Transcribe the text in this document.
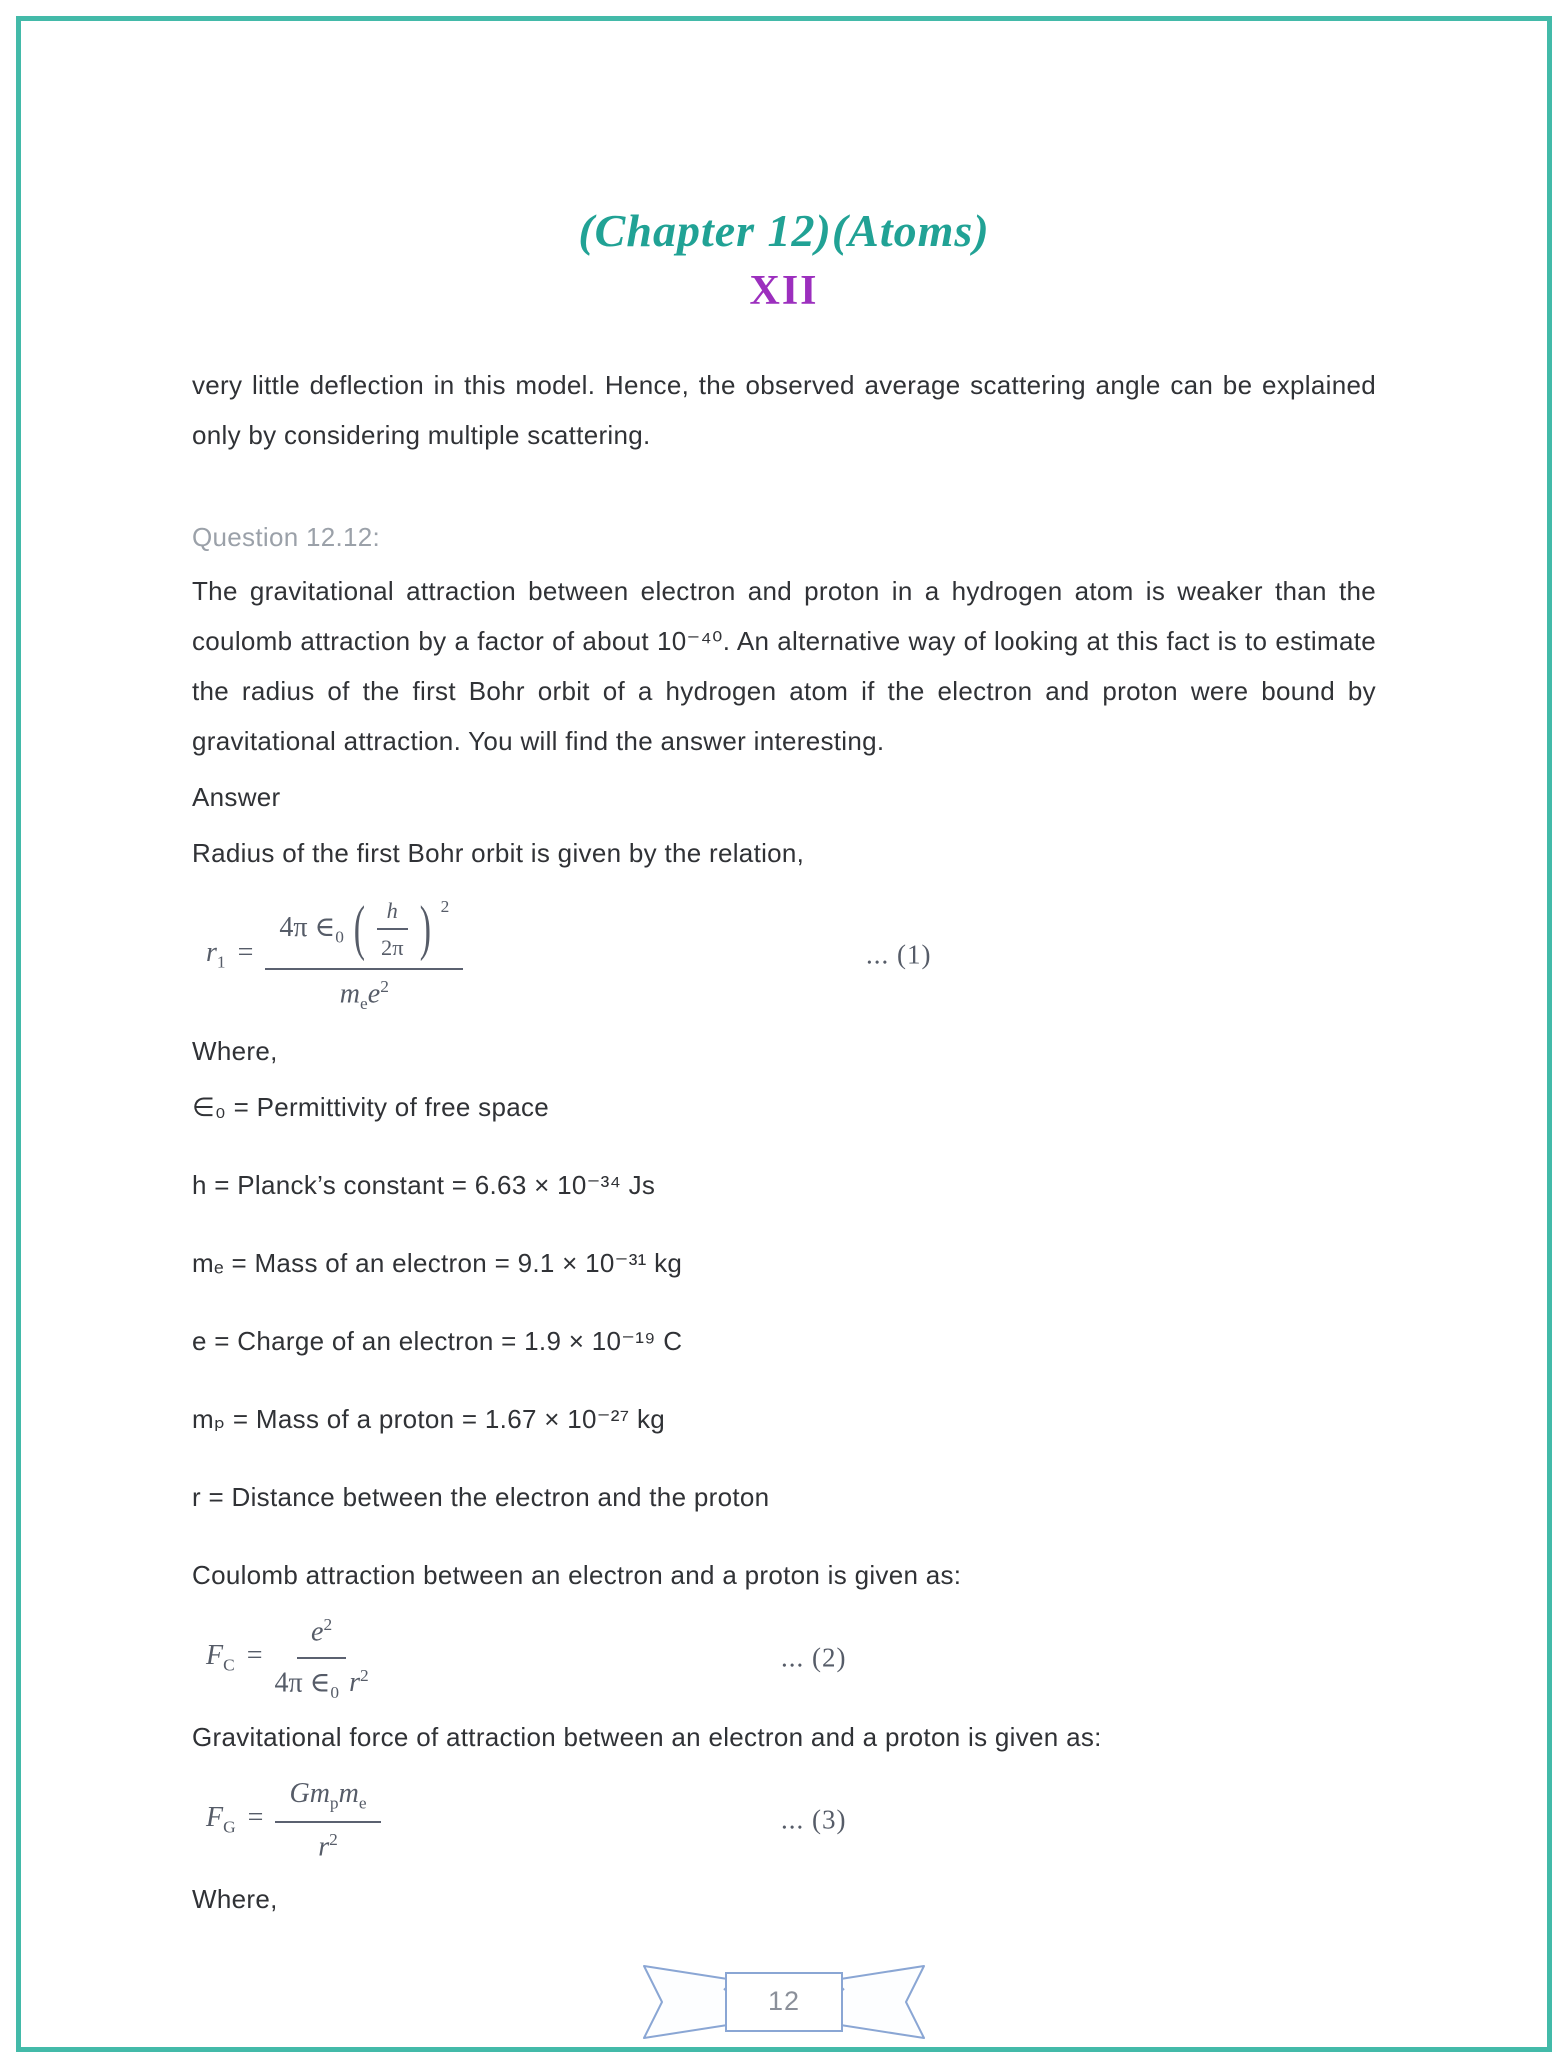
(Chapter 12)(Atoms)
XII

very little deflection in this model. Hence, the observed average scattering angle can be explained only by considering multiple scattering.

Question 12.12:

The gravitational attraction between electron and proton in a hydrogen atom is weaker than the coulomb attraction by a factor of about 10⁻⁴⁰. An alternative way of looking at this fact is to estimate the radius of the first Bohr orbit of a hydrogen atom if the electron and proton were bound by gravitational attraction. You will find the answer interesting.

Answer

Radius of the first Bohr orbit is given by the relation,

$r_1$ =
4π $\in_0$ ( $\frac{h}{2\pi}$ ) $^2$
$m_ee^2$
... (1)

Where,

∈₀ = Permittivity of free space

h = Planck’s constant = 6.63 × 10⁻³⁴ Js

mₑ = Mass of an electron = 9.1 × 10⁻³¹ kg

e = Charge of an electron = 1.9 × 10⁻¹⁹ C

mₚ = Mass of a proton = 1.67 × 10⁻²⁷ kg

r = Distance between the electron and the proton

Coulomb attraction between an electron and a proton is given as:

$F_C = \frac{e^2}{4\pi \in_0 r^2}$	... (2)

Gravitational force of attraction between an electron and a proton is given as:

$F_G = \frac{Gm_pm_e}{r^2}$	... (3)

Where,

12
